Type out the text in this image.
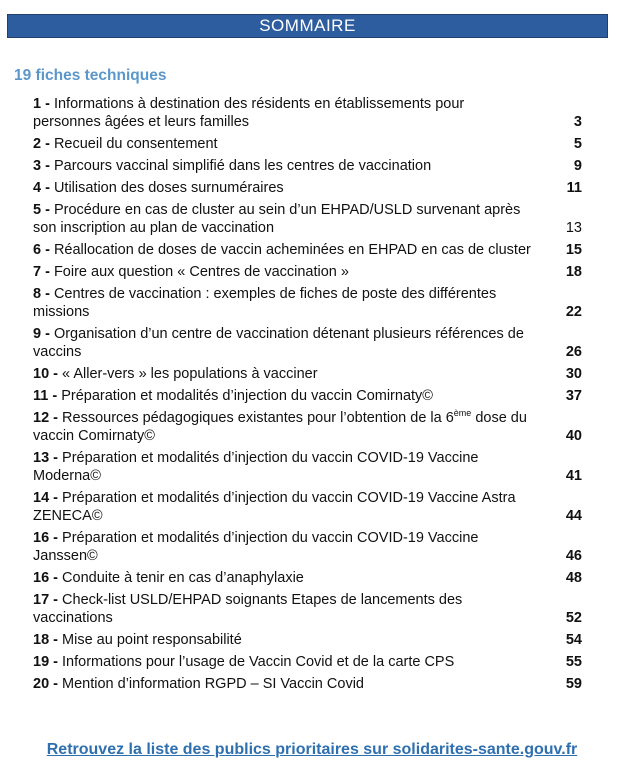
SOMMAIRE
19 fiches techniques
1 - Informations à destination des résidents en établissements pour personnes âgées et leurs familles	3
2 - Recueil du consentement	5
3 - Parcours vaccinal simplifié dans les centres de vaccination	9
4 - Utilisation des doses surnuméraires	11
5 - Procédure en cas de cluster au sein d’un EHPAD/USLD survenant après son inscription au plan de vaccination	13
6 - Réallocation de doses de vaccin acheminées en EHPAD en cas de cluster	15
7 - Foire aux question « Centres de vaccination »	18
8 - Centres de vaccination : exemples de fiches de poste des différentes missions	22
9 - Organisation d’un centre de vaccination détenant plusieurs références de vaccins	26
10 - « Aller-vers » les populations à vacciner	30
11 - Préparation et modalités d’injection du vaccin Comirnaty©	37
12 - Ressources pédagogiques existantes pour l’obtention de la 6ème dose du vaccin Comirnaty©	40
13 - Préparation et modalités d’injection du vaccin COVID-19 Vaccine Moderna©	41
14 - Préparation et modalités d’injection du vaccin COVID-19 Vaccine Astra ZENECA©	44
16 - Préparation et modalités d’injection du vaccin COVID-19 Vaccine Janssen©	46
16 - Conduite à tenir en cas d’anaphylaxie	48
17 - Check-list USLD/EHPAD soignants Etapes de lancements des vaccinations	52
18 - Mise au point responsabilité	54
19 - Informations pour l’usage de Vaccin Covid et de la carte CPS	55
20 - Mention d’information RGPD – SI Vaccin Covid	59
Retrouvez la liste des publics prioritaires sur solidarites-sante.gouv.fr
